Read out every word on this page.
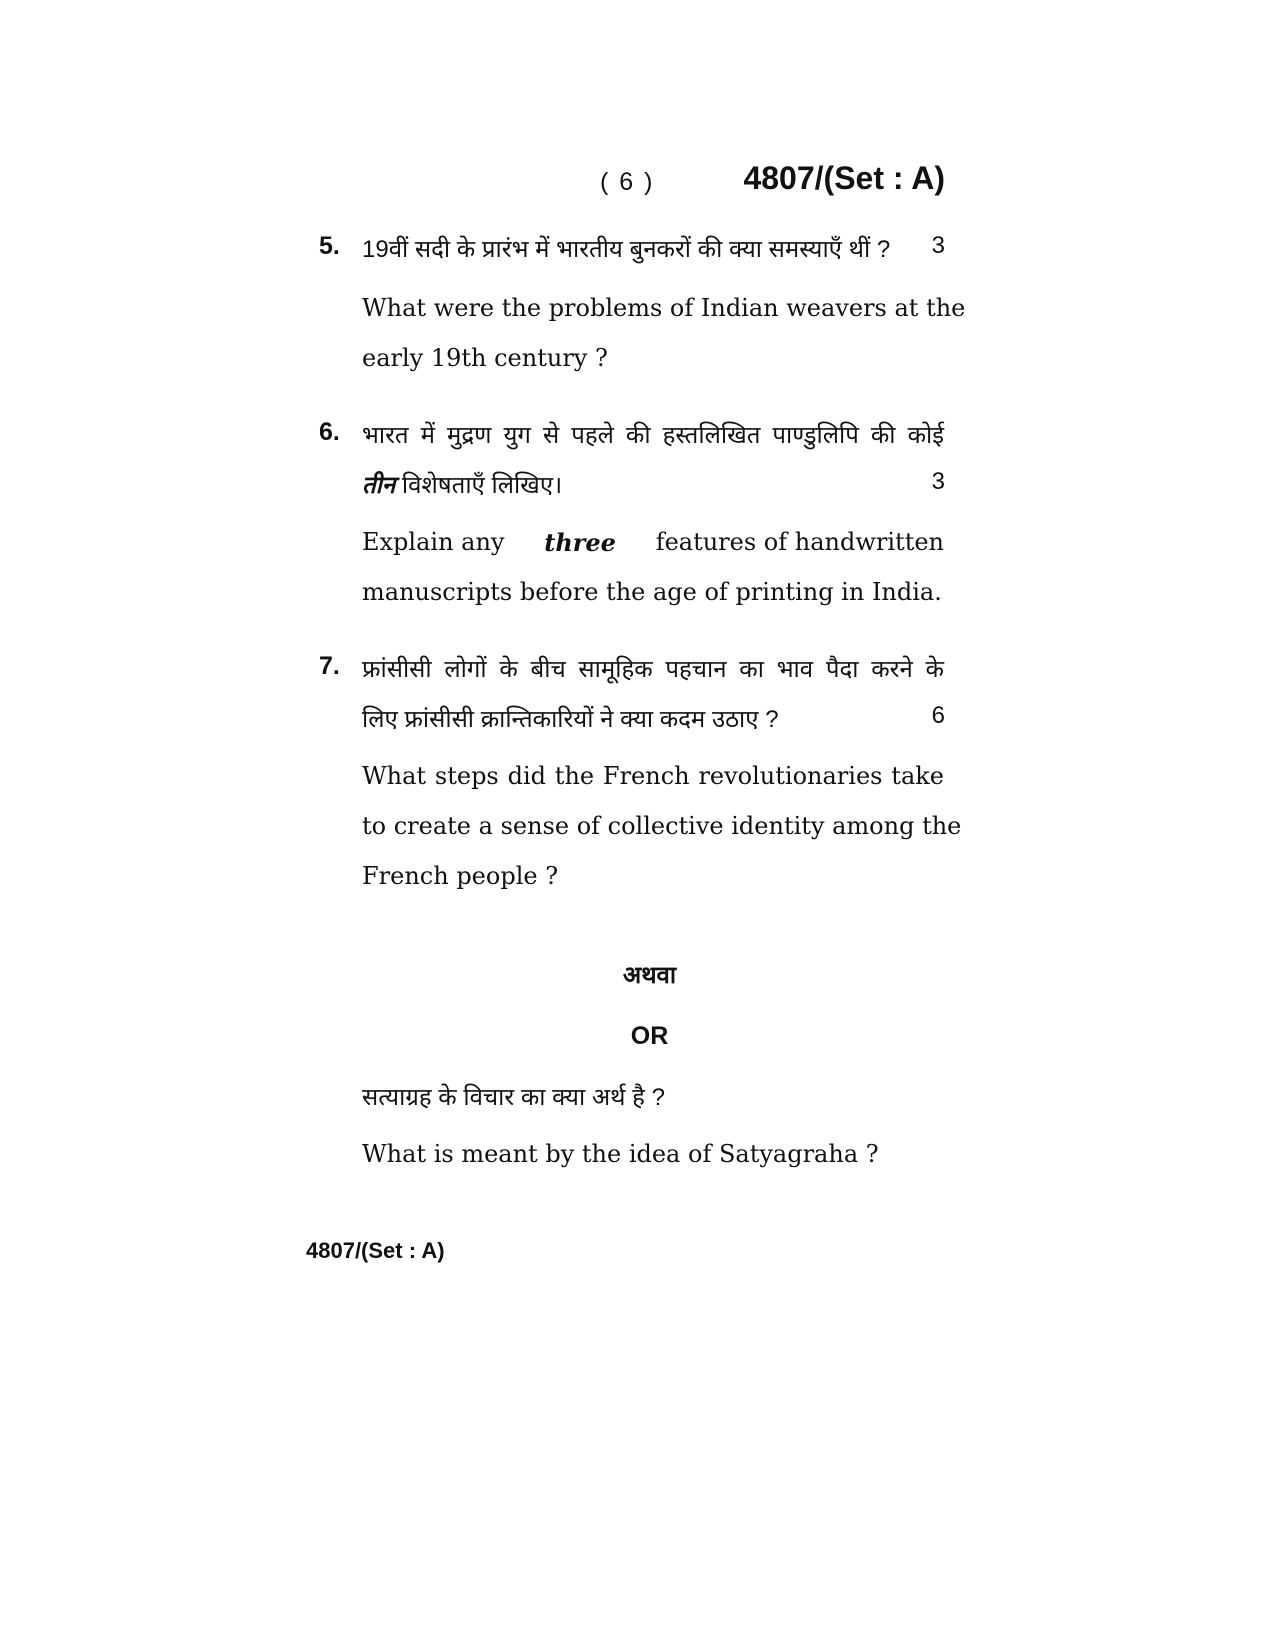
( 6 )	4807/(Set : A)
5. 19वीं सदी के प्रारंभ में भारतीय बुनकरों की क्या समस्याएँ थीं ? 3
What were the problems of Indian weavers at the
early 19th century ?
6. भारत में मुद्रण युग से पहले की हस्तलिखित पाण्डुलिपि की कोई
तीन विशेषताएँ लिखिए।	3
Explain any three features of handwritten
manuscripts before the age of printing in India.
7. फ्रांसीसी लोगों के बीच सामूहिक पहचान का भाव पैदा करने के
लिए फ्रांसीसी क्रान्तिकारियों ने क्या कदम उठाए ?	6
What steps did the French revolutionaries take
to create a sense of collective identity among the
French people ?
अथवा
OR
सत्याग्रह के विचार का क्या अर्थ है ?
What is meant by the idea of Satyagraha ?
4807/(Set : A)
